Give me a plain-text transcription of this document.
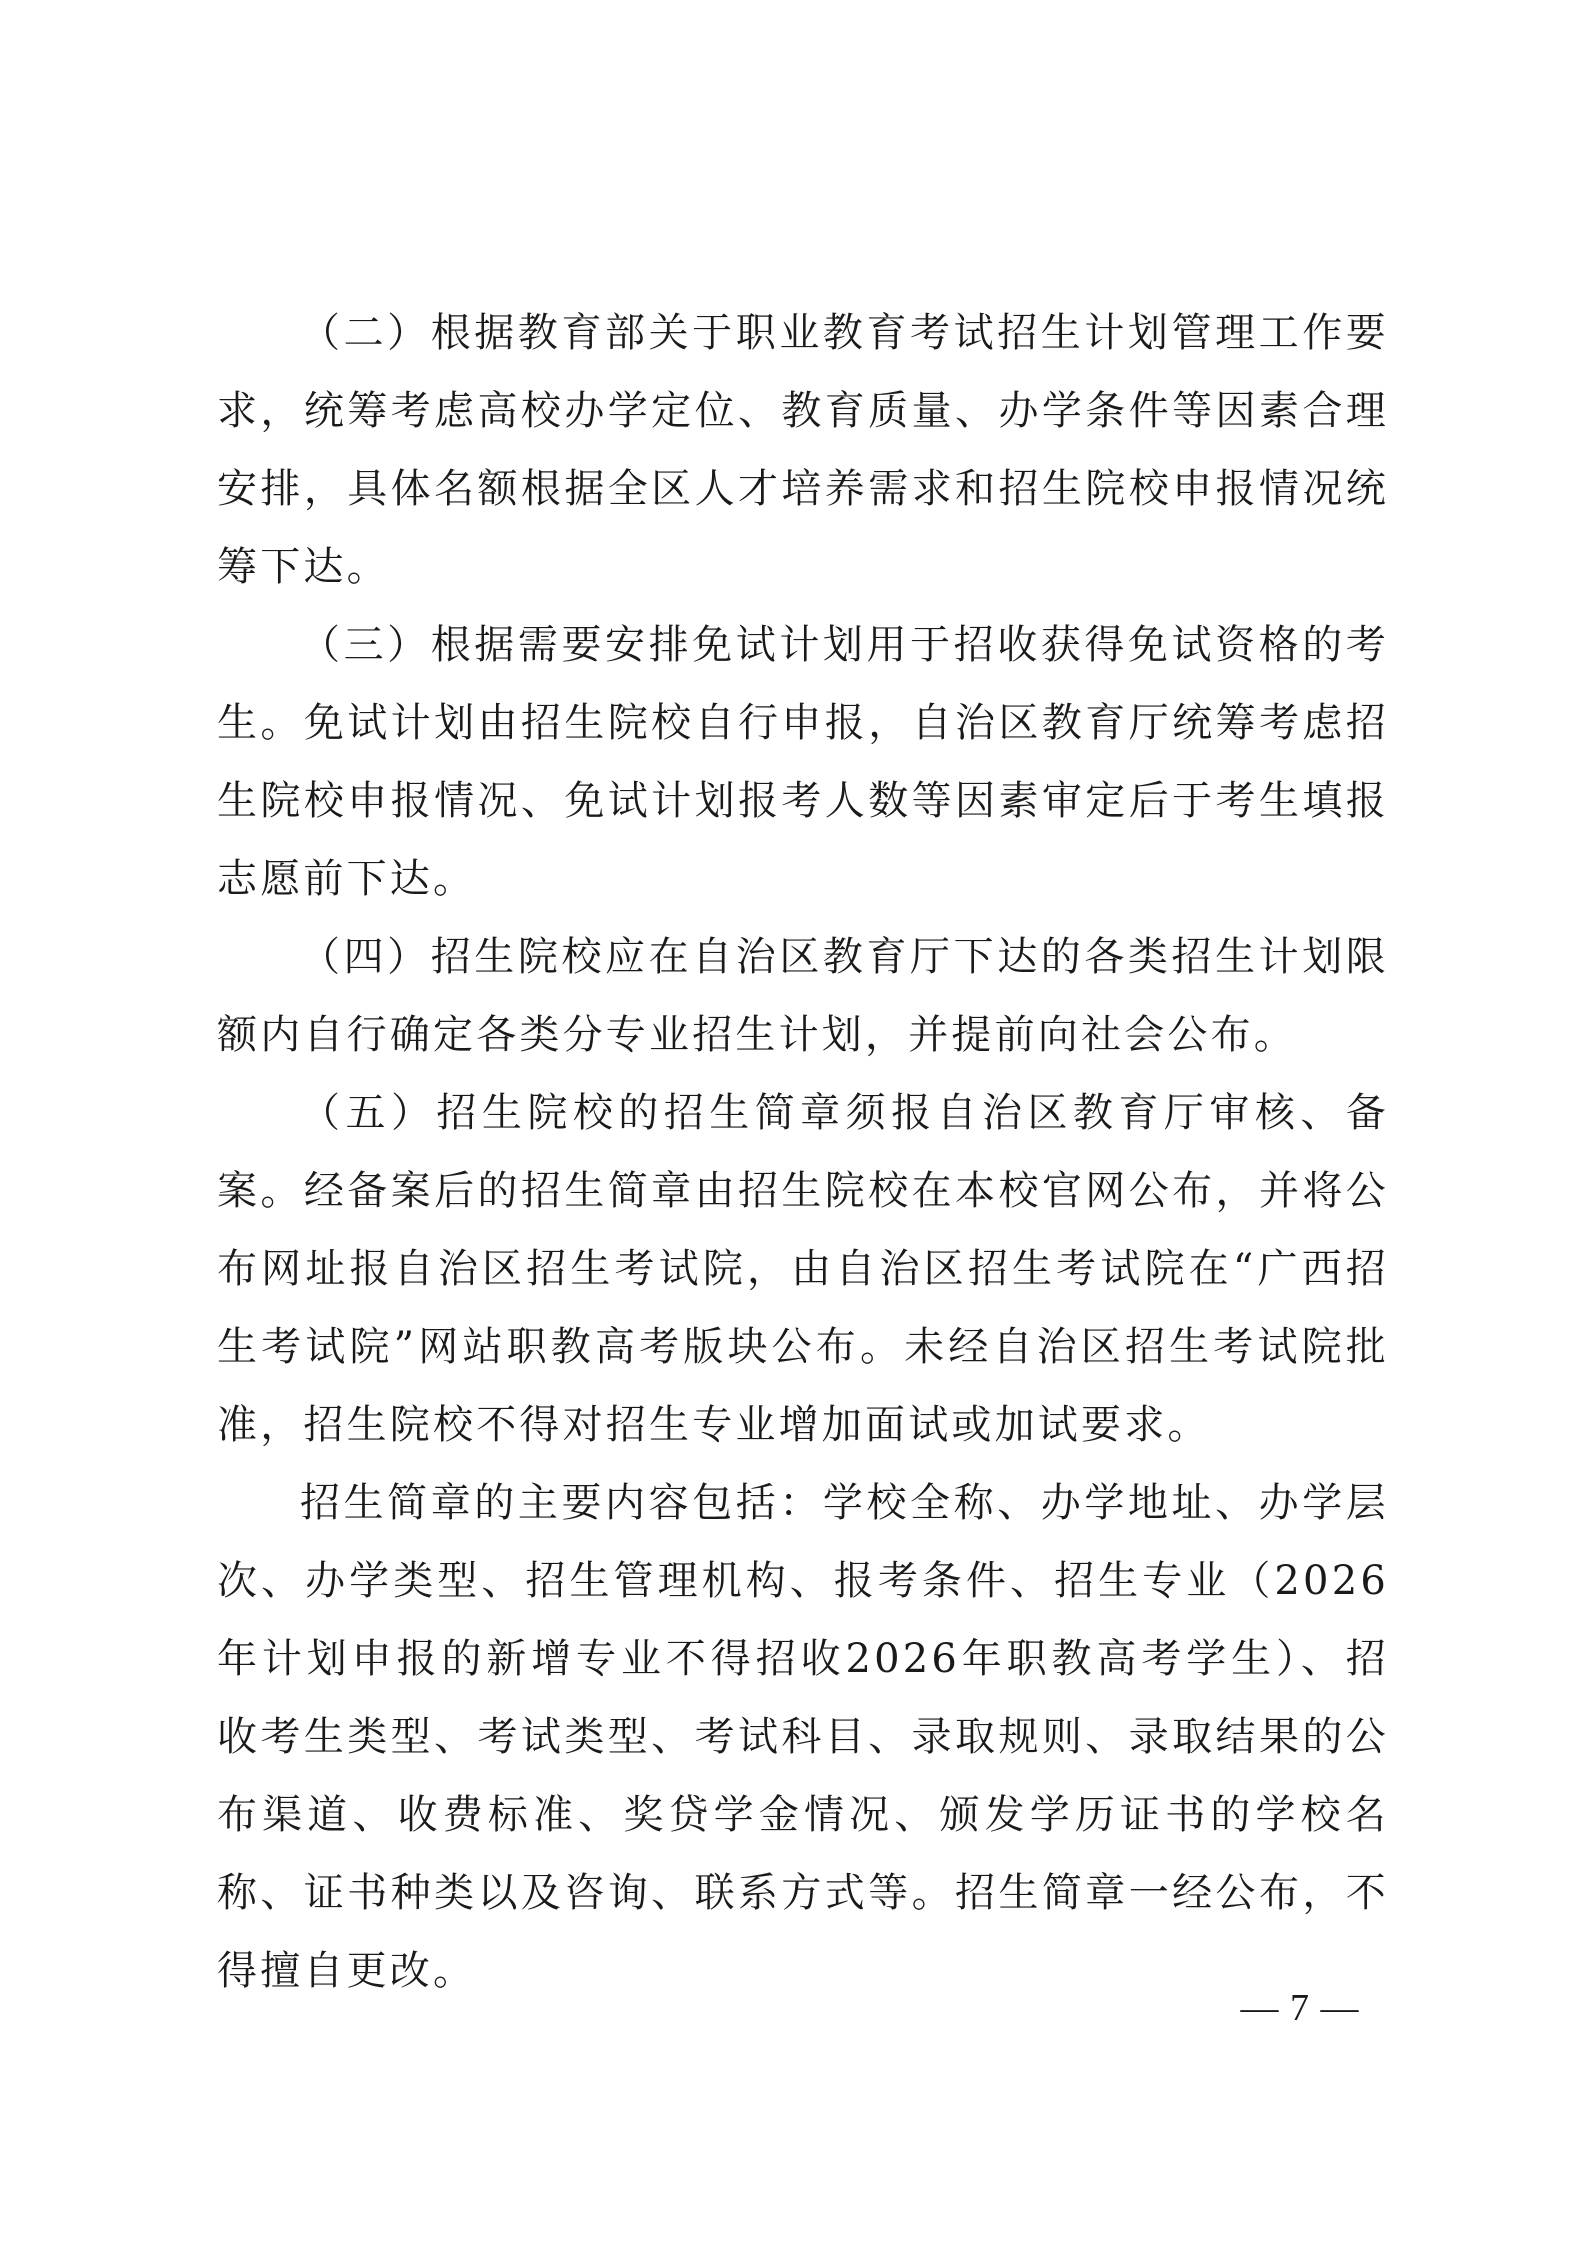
（二）根据教育部关于职业教育考试招生计划管理工作要求，统筹考虑高校办学定位、教育质量、办学条件等因素合理安排，具体名额根据全区人才培养需求和招生院校申报情况统筹下达。

（三）根据需要安排免试计划用于招收获得免试资格的考生。免试计划由招生院校自行申报，自治区教育厅统筹考虑招生院校申报情况、免试计划报考人数等因素审定后于考生填报志愿前下达。

（四）招生院校应在自治区教育厅下达的各类招生计划限额内自行确定各类分专业招生计划，并提前向社会公布。

（五）招生院校的招生简章须报自治区教育厅审核、备案。经备案后的招生简章由招生院校在本校官网公布，并将公布网址报自治区招生考试院，由自治区招生考试院在“广西招生考试院”网站职教高考版块公布。未经自治区招生考试院批准，招生院校不得对招生专业增加面试或加试要求。

招生简章的主要内容包括：学校全称、办学地址、办学层次、办学类型、招生管理机构、报考条件、招生专业（2026年计划申报的新增专业不得招收2026年职教高考学生）、招收考生类型、考试类型、考试科目、录取规则、录取结果的公布渠道、收费标准、奖贷学金情况、颁发学历证书的学校名称、证书种类以及咨询、联系方式等。招生简章一经公布，不得擅自更改。

— 7 —
